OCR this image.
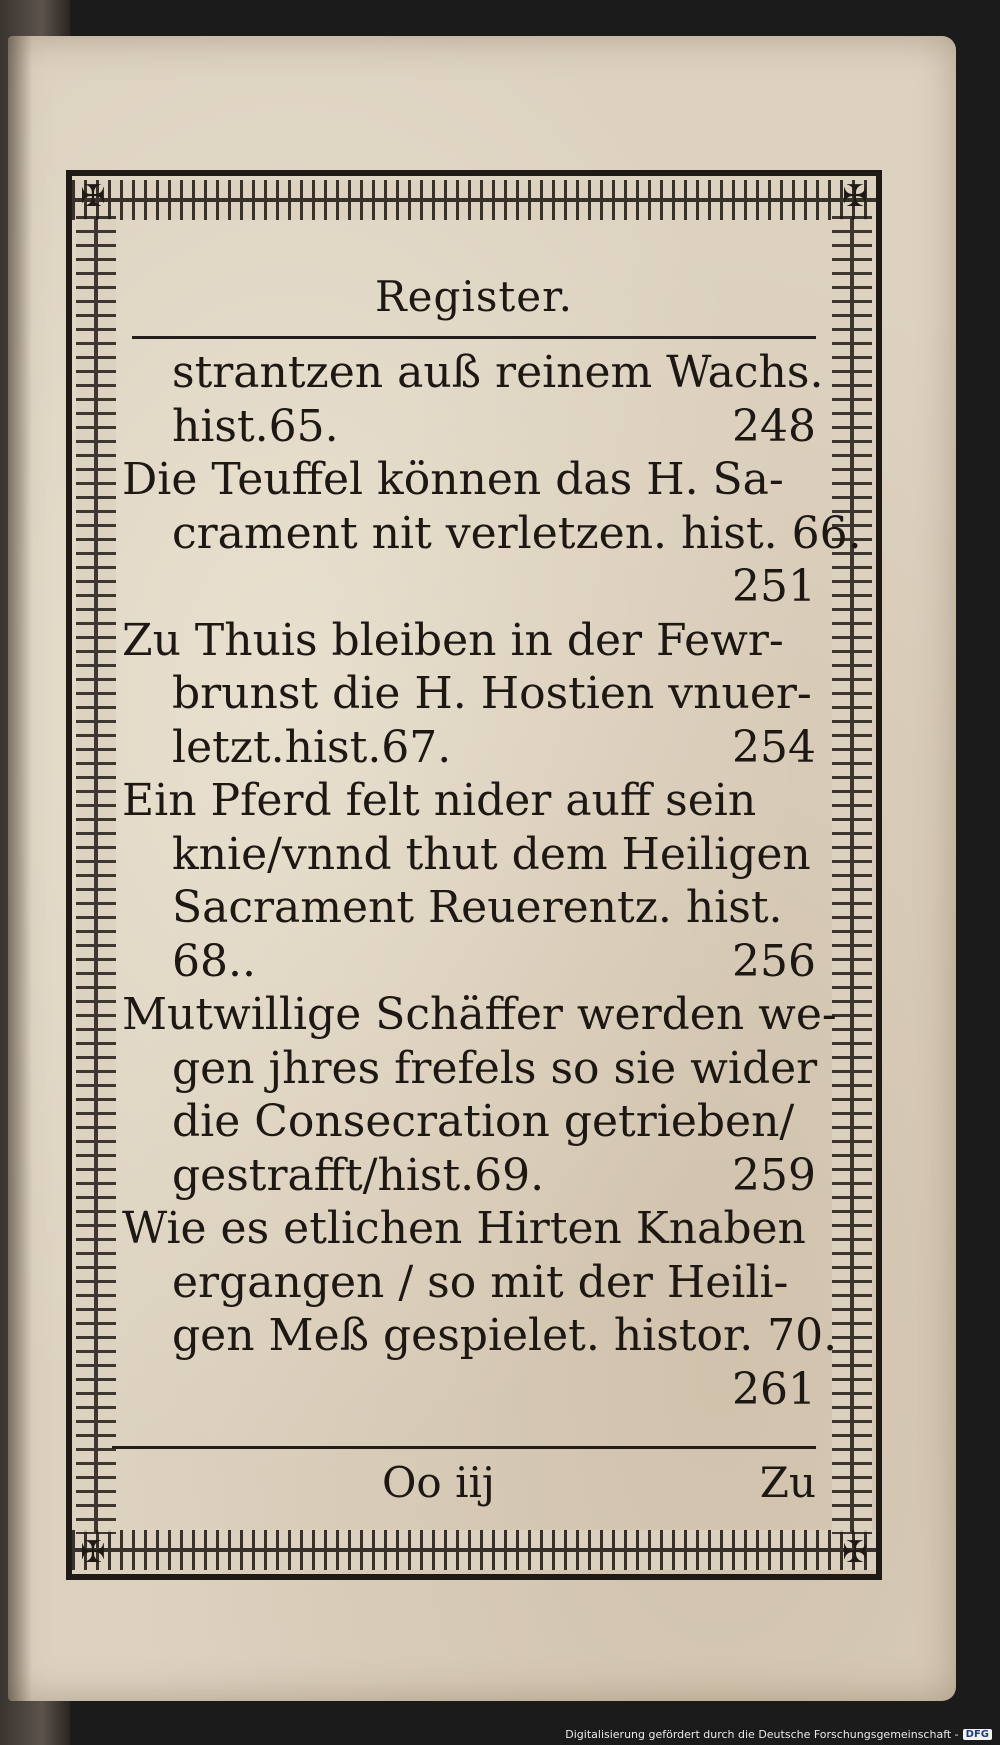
✠	✠
✠	✠
Register.
strantzen auß reinem Wachs.
hist.65.	248
Die Teuffel können das H. Sa-
crament nit verletzen. hist. 66.
251
Zu Thuis bleiben in der Fewr-
brunst die H. Hostien vnuer-
letzt.hist.67.	254
Ein Pferd felt nider auff sein
knie/vnnd thut dem Heiligen
Sacrament Reuerentz. hist.
68..	256
Mutwillige Schäffer werden we-
gen jhres frefels so sie wider
die Consecration getrieben/
gestrafft/hist.69.	259
Wie es etlichen Hirten Knaben
ergangen / so mit der Heili-
gen Meß gespielet. histor. 70.
261
Oo iij	Zu
Digitalisierung gefördert durch die Deutsche Forschungsgemeinschaft - DFG
